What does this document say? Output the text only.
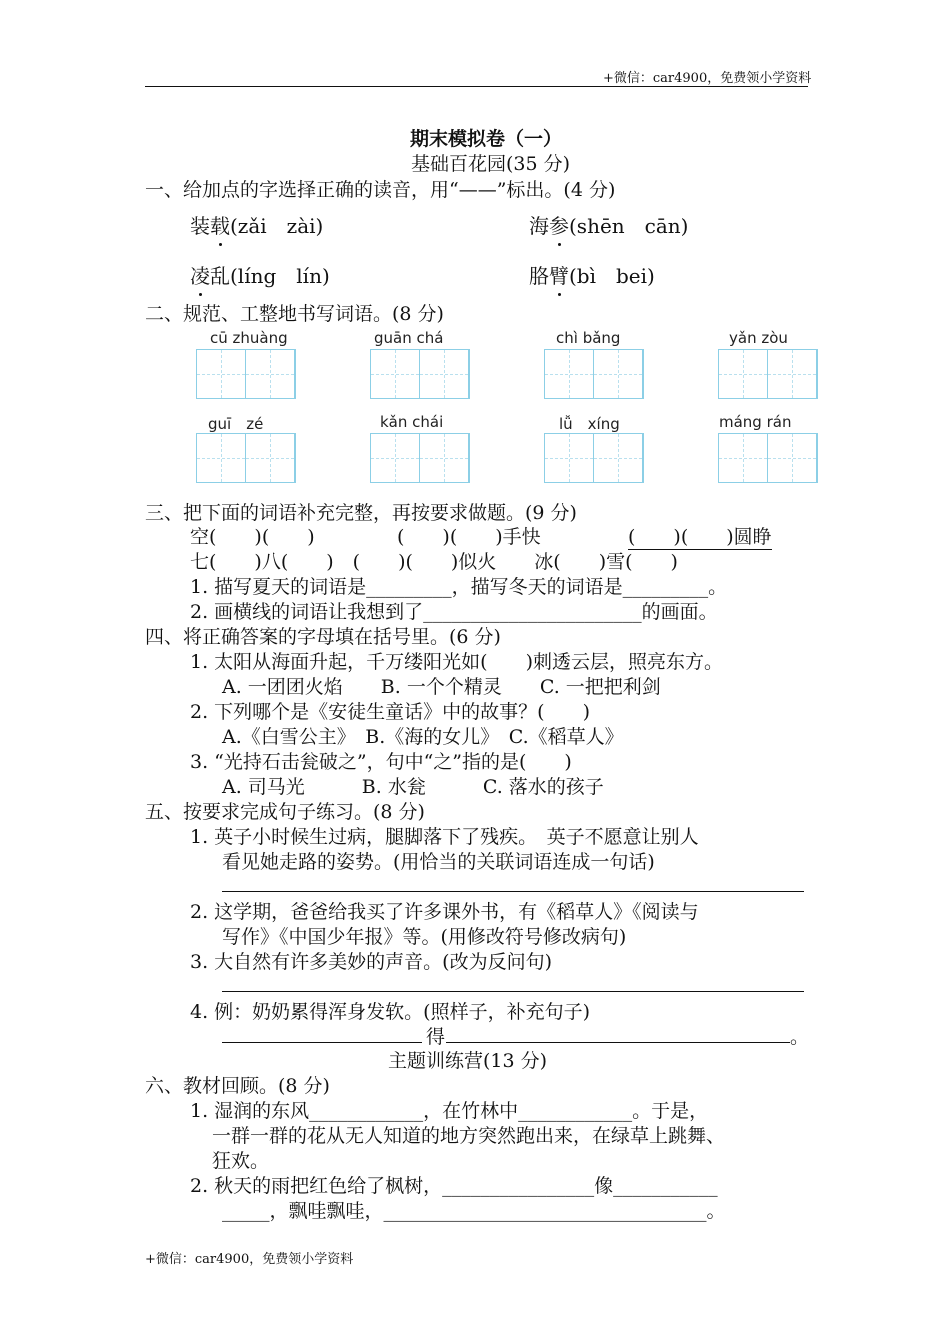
+微信：car4900，免费领小学资料
期末模拟卷（一）
基础百花园(35 分)
一、给加点的字选择正确的读音，用“——”标出。(4 分)
装载(zǎi　zài)	海参(shēn　cān)
凌乱(líng　lín)	胳臂(bì　bei)
二、规范、工整地书写词语。(8 分)
cū zhuàng	guān chá	chì bǎng	yǎn zòu
guī　zé	kǎn chái	lǚ　xíng	máng rán
三、把下面的词语补充完整，再按要求做题。(9 分)
空(　　)(　　)	(　　)(　　)手快	(　　)(　　)圆睁
七(　　)八(　　)　(　　)(　　)似火　　冰(　　)雪(　　)
1. 描写夏天的词语是_________，描写冬天的词语是_________。
2. 画横线的词语让我想到了_______________________的画面。
四、将正确答案的字母填在括号里。(6 分)
1. 太阳从海面升起，千万缕阳光如(　　)刺透云层，照亮东方。
A. 一团团火焰　　B. 一个个精灵　　C. 一把把利剑
2. 下列哪个是《安徒生童话》中的故事？(　　)
A.《白雪公主》　B.《海的女儿》　C.《稻草人》
3. “光持石击瓮破之”，句中“之”指的是(　　)
A. 司马光　　　B. 水瓮　　　C. 落水的孩子
五、按要求完成句子练习。(8 分)
1. 英子小时候生过病，腿脚落下了残疾。　英子不愿意让别人
看见她走路的姿势。(用恰当的关联词语连成一句话)
2. 这学期，爸爸给我买了许多课外书，有《稻草人》《阅读与
写作》《中国少年报》等。(用修改符号修改病句)
3. 大自然有许多美妙的声音。(改为反问句)
4. 例：奶奶累得浑身发软。(照样子，补充句子)
得	。
主题训练营(13 分)
六、教材回顾。(8 分)
1. 湿润的东风____________，在竹林中____________。于是，
一群一群的花从无人知道的地方突然跑出来，在绿草上跳舞、
狂欢。
2. 秋天的雨把红色给了枫树，________________像___________
_____，飘哇飘哇，__________________________________。
+微信：car4900，免费领小学资料
